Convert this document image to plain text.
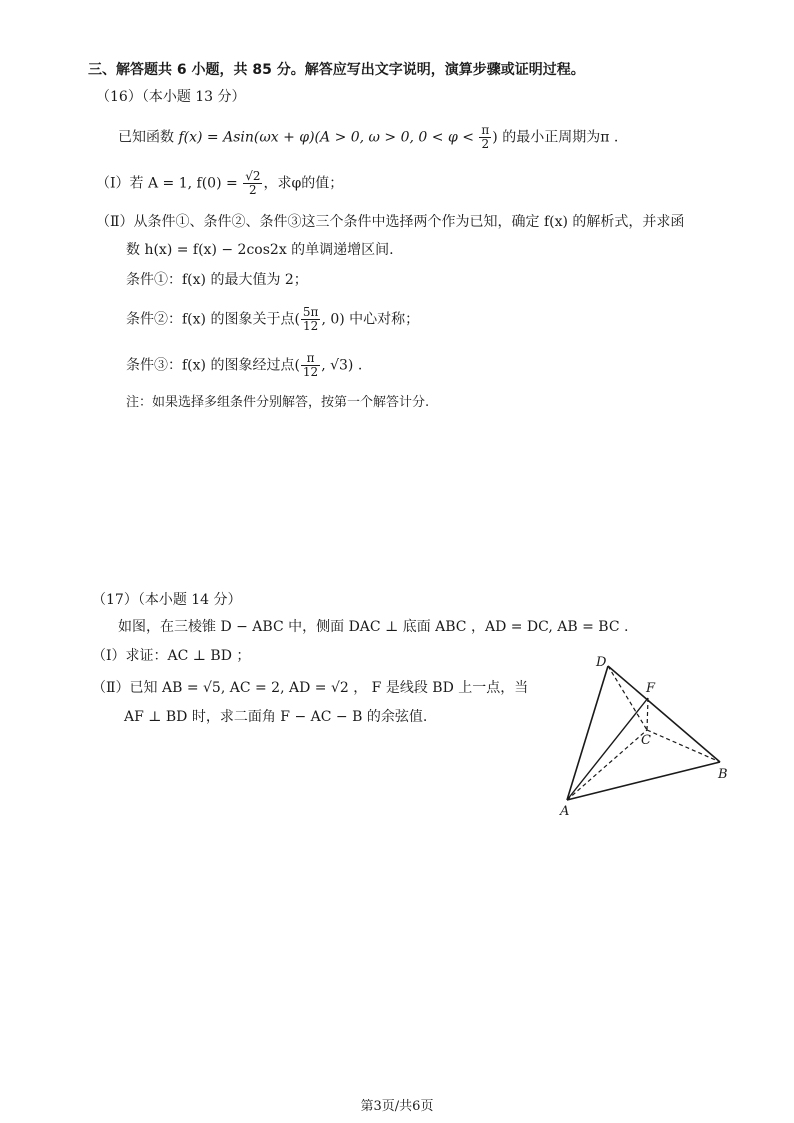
三、解答题共 6 小题，共 85 分。解答应写出文字说明，演算步骤或证明过程。
（16）（本小题 13 分）
已知函数 f(x) = Asin(ωx + φ)(A > 0, ω > 0, $0 < \varphi < \frac{\pi}{2}$ ) 的最小正周期为π .
（Ⅰ）若 A = 1, $f(0) = \frac{√2}{2}$ ，求φ的值；
（Ⅱ）从条件①、条件②、条件③这三个条件中选择两个作为已知，确定 f(x) 的解析式，并求函
数 h(x) = f(x) − 2cos2x 的单调递增区间.
条件①：f(x) 的最大值为 2；
条件②：f(x) 的图象关于点( $\frac{5\pi}{12}$ , 0) 中心对称；
条件③：f(x) 的图象经过点( $\frac{\pi}{12}$ , √3) .
注：如果选择多组条件分别解答，按第一个解答计分.
（17）（本小题 14 分）
如图，在三棱锥 D − ABC 中，侧面 DAC ⊥ 底面 ABC ，AD = DC, AB = BC .
（Ⅰ）求证：AC ⊥ BD ；
（Ⅱ）已知 AB = √5, AC = 2, AD = √2 ， F 是线段 BD 上一点，当
AF ⊥ BD 时，求二面角 F − AC − B 的余弦值.
D
F
C
B
A
第3页/共6页
